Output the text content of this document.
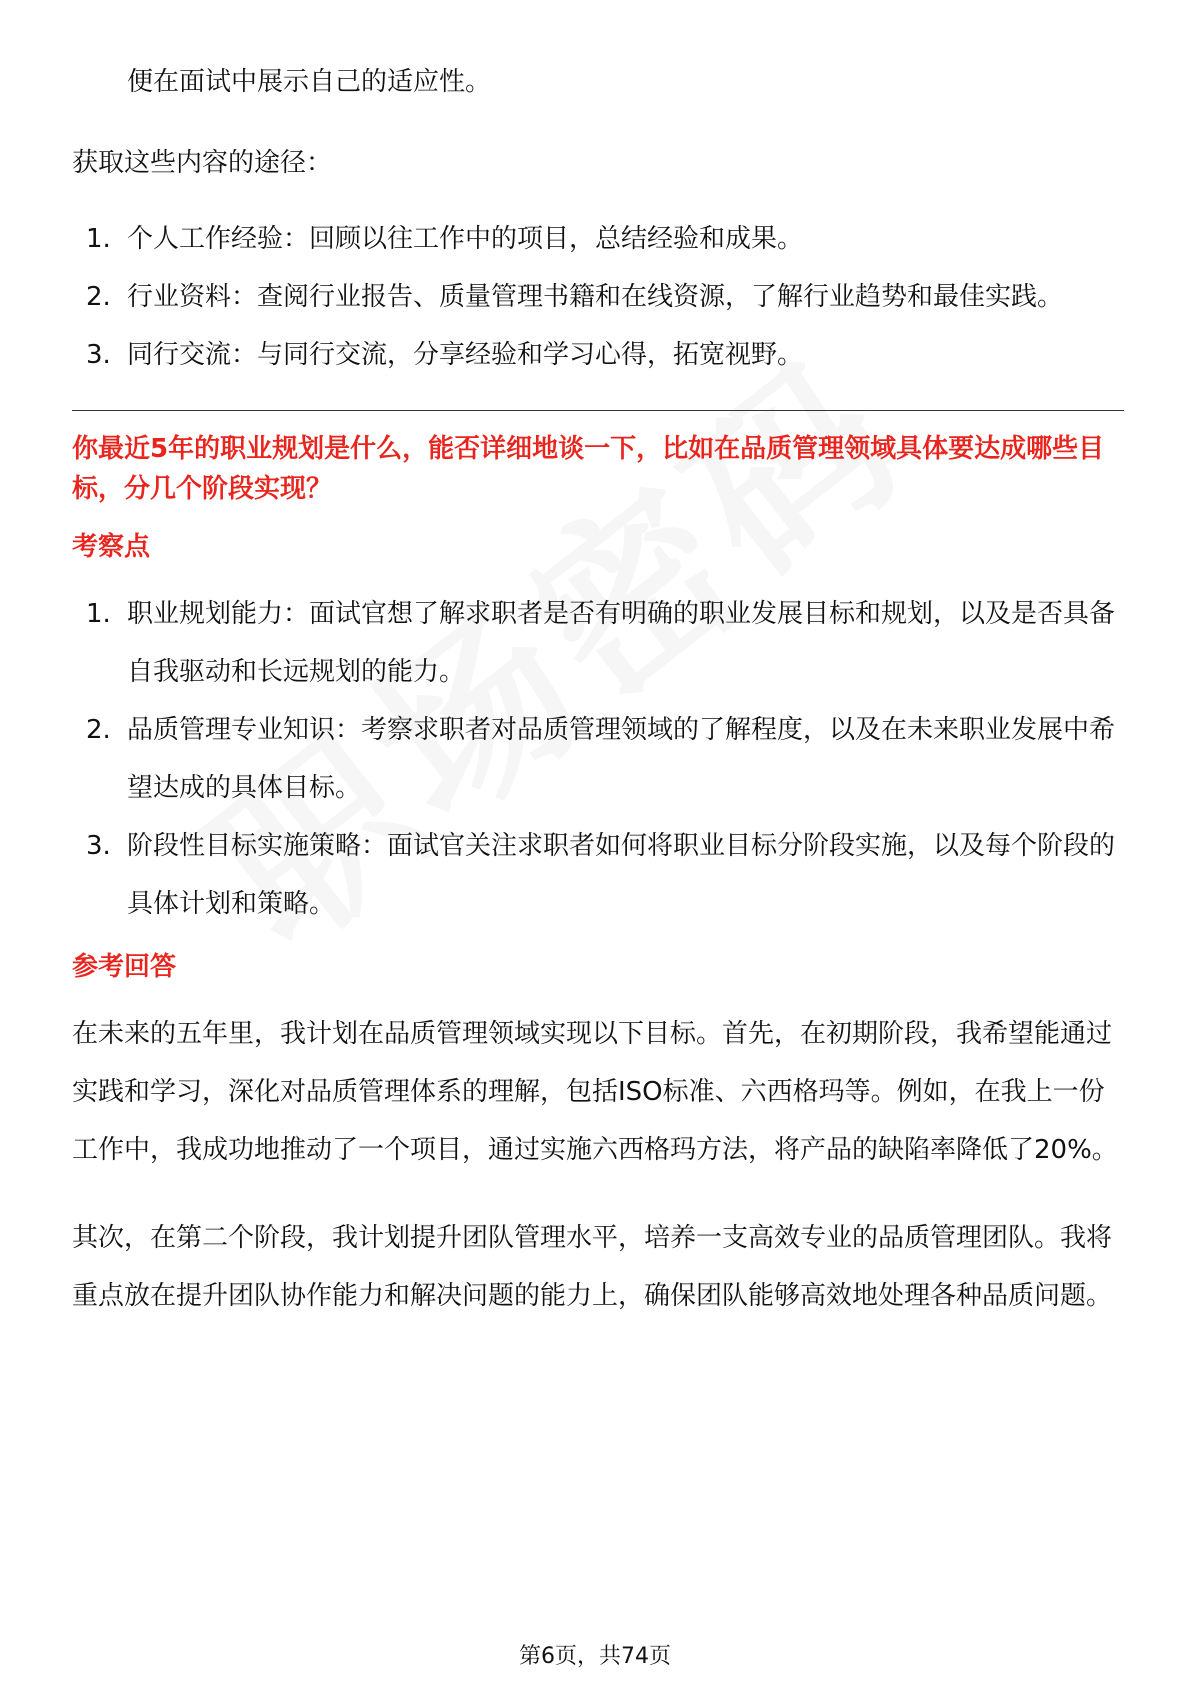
便在面试中展示自己的适应性。

获取这些内容的途径：

1. 个人工作经验：回顾以往工作中的项目，总结经验和成果。
2. 行业资料：查阅行业报告、质量管理书籍和在线资源，了解行业趋势和最佳实践。
3. 同行交流：与同行交流，分享经验和学习心得，拓宽视野。

你最近5年的职业规划是什么，能否详细地谈一下，比如在品质管理领域具体要达成哪些目标，分几个阶段实现？

考察点

1. 职业规划能力：面试官想了解求职者是否有明确的职业发展目标和规划，以及是否具备自我驱动和长远规划的能力。
2. 品质管理专业知识：考察求职者对品质管理领域的了解程度，以及在未来职业发展中希望达成的具体目标。
3. 阶段性目标实施策略：面试官关注求职者如何将职业目标分阶段实施，以及每个阶段的具体计划和策略。

参考回答

在未来的五年里，我计划在品质管理领域实现以下目标。首先，在初期阶段，我希望能通过实践和学习，深化对品质管理体系的理解，包括ISO标准、六西格玛等。例如，在我上一份工作中，我成功地推动了一个项目，通过实施六西格玛方法，将产品的缺陷率降低了20%。

其次，在第二个阶段，我计划提升团队管理水平，培养一支高效专业的品质管理团队。我将重点放在提升团队协作能力和解决问题的能力上，确保团队能够高效地处理各种品质问题。

第6页，共74页
